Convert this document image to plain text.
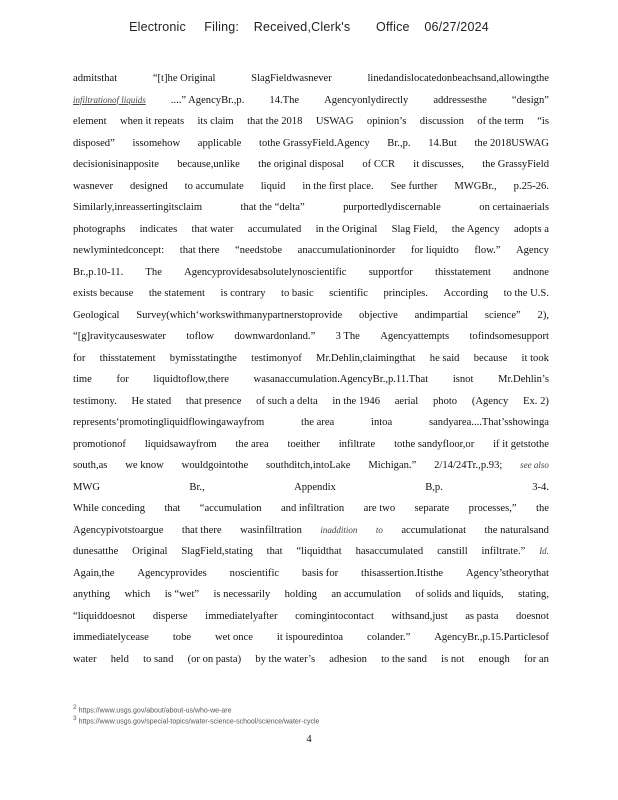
Electronic     Filing:    Received,Clerk's       Office    06/27/2024
admitsthat	“[t]he Original	SlagFieldwasnever	linedandislocatedonbeachsand,allowingthe
infiltrationof liquids ....” AgencyBr.,p. 14.The Agencyonlydirectly addressesthe “design”
element when it repeats its claim that the 2018 USWAG opinion’s discussion of the term “is
disposed” issomehow applicable tothe GrassyField.Agency Br.,p. 14.But the 2018USWAG
decisionisinapposite because,unlike the original disposal of CCR it discusses, the GrassyField
wasnever designed to accumulate liquid in the first place. See further MWGBr., p.25-26.
Similarly,inreassertingitsclaim	that the “delta”	purportedlydiscernable	on certainaerials
photographs indicates that water accumulated in the Original Slag Field, the Agency adopts a
newlymintedconcept: that there “needstobe anaccumulationinorder for liquidto flow.” Agency
Br.,p.10-11. The Agencyprovidesabsolutelynoscientific supportfor thisstatement andnone
exists because the statement is contrary to basic scientific principles. According to the U.S.
Geological Survey(which‘workswithmanypartnerstoprovide objective andimpartial science” 2),
“[g]ravitycauseswater toflow downwardonland.” 3 The Agencyattempts tofindsomesupport
for thisstatement bymisstatingthe testimonyof Mr.Dehlin,claimingthat he said because it took
time for liquidtoflow,there wasanaccumulation.AgencyBr.,p.11.That isnot Mr.Dehlin’s
testimony. He stated that presence of such a delta in the 1946 aerial photo (Agency Ex. 2)
represents‘promotingliquidflowingawayfrom	the area	intoa	sandyarea....That’sshowinga
promotionof liquidsawayfrom the area toeither infiltrate tothe sandyfloor,or if it getstothe
south,as we know wouldgointothe southditch,intoLake Michigan.” 2/14/24Tr.,p.93; see also
MWG	Br.,	Appendix	B,p.	3-4.
While conceding that “accumulation and infiltration are two separate processes,” the
Agencypivotstoargue that there wasinfiltration inaddition to accumulationat the naturalsand
dunesatthe Original SlagField,stating that “liquidthat hasaccumulated canstill infiltrate.” Id.
Again,the Agencyprovides noscientific basis for thisassertion.Itisthe Agency’stheorythat
anything which is “wet” is necessarily holding an accumulation of solids and liquids, stating,
“liquiddoesnot disperse immediatelyafter comingintocontact withsand,just as pasta doesnot
immediatelycease tobe wet once it ispouredintoa colander.” AgencyBr.,p.15.Particlesof
water held to sand (or on pasta) by the water’s adhesion to the sand is not enough for an
2 https://www.usgs.gov/about/about-us/who-we-are
3 https://www.usgs.gov/special-topics/water-science-school/science/water-cycle
4
